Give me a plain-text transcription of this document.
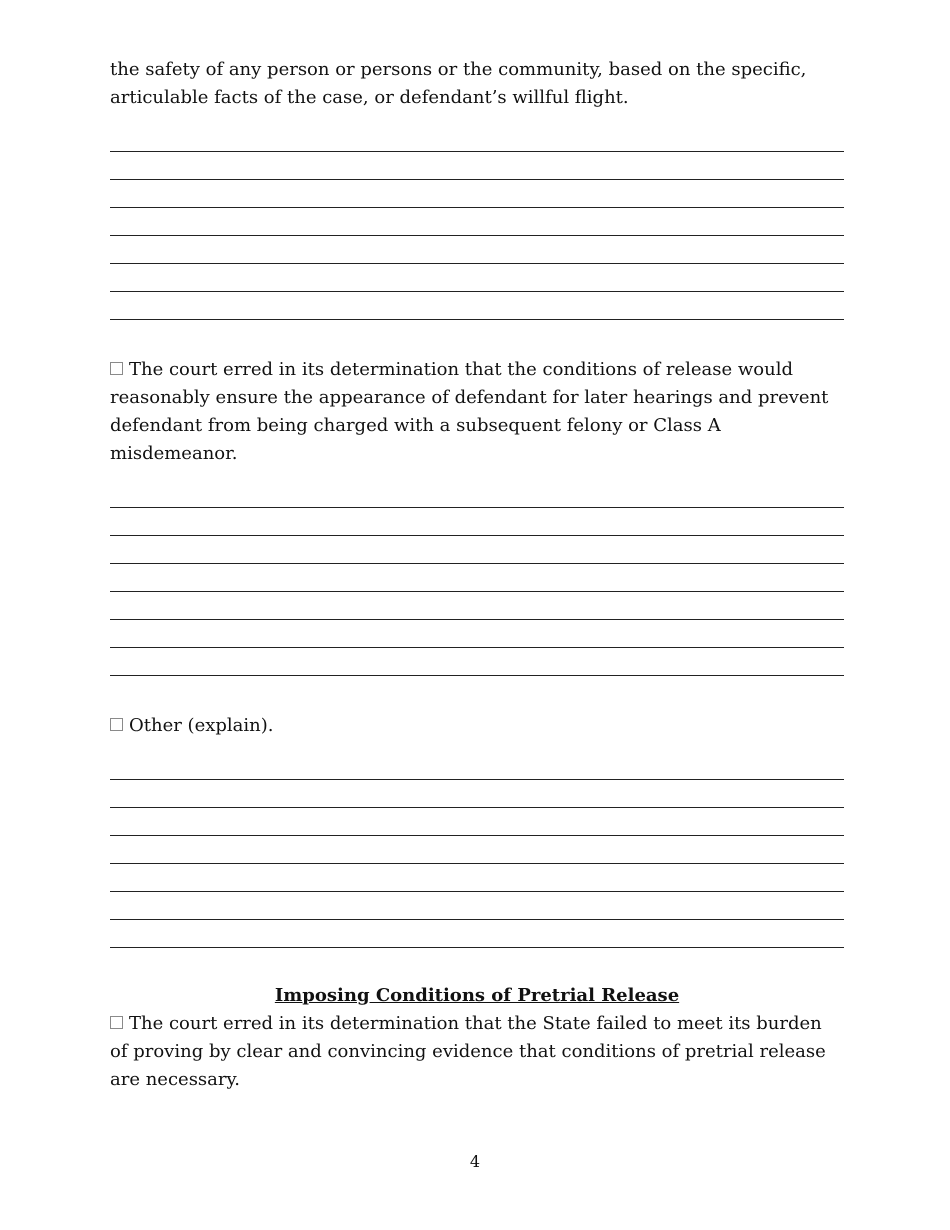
the safety of any person or persons or the community, based on the specific, articulable facts of the case, or defendant’s willful flight.

The court erred in its determination that the conditions of release would reasonably ensure the appearance of defendant for later hearings and prevent defendant from being charged with a subsequent felony or Class A misdemeanor.

Other (explain).

Imposing Conditions of Pretrial Release

The court erred in its determination that the State failed to meet its burden of proving by clear and convincing evidence that conditions of pretrial release are necessary.

4
